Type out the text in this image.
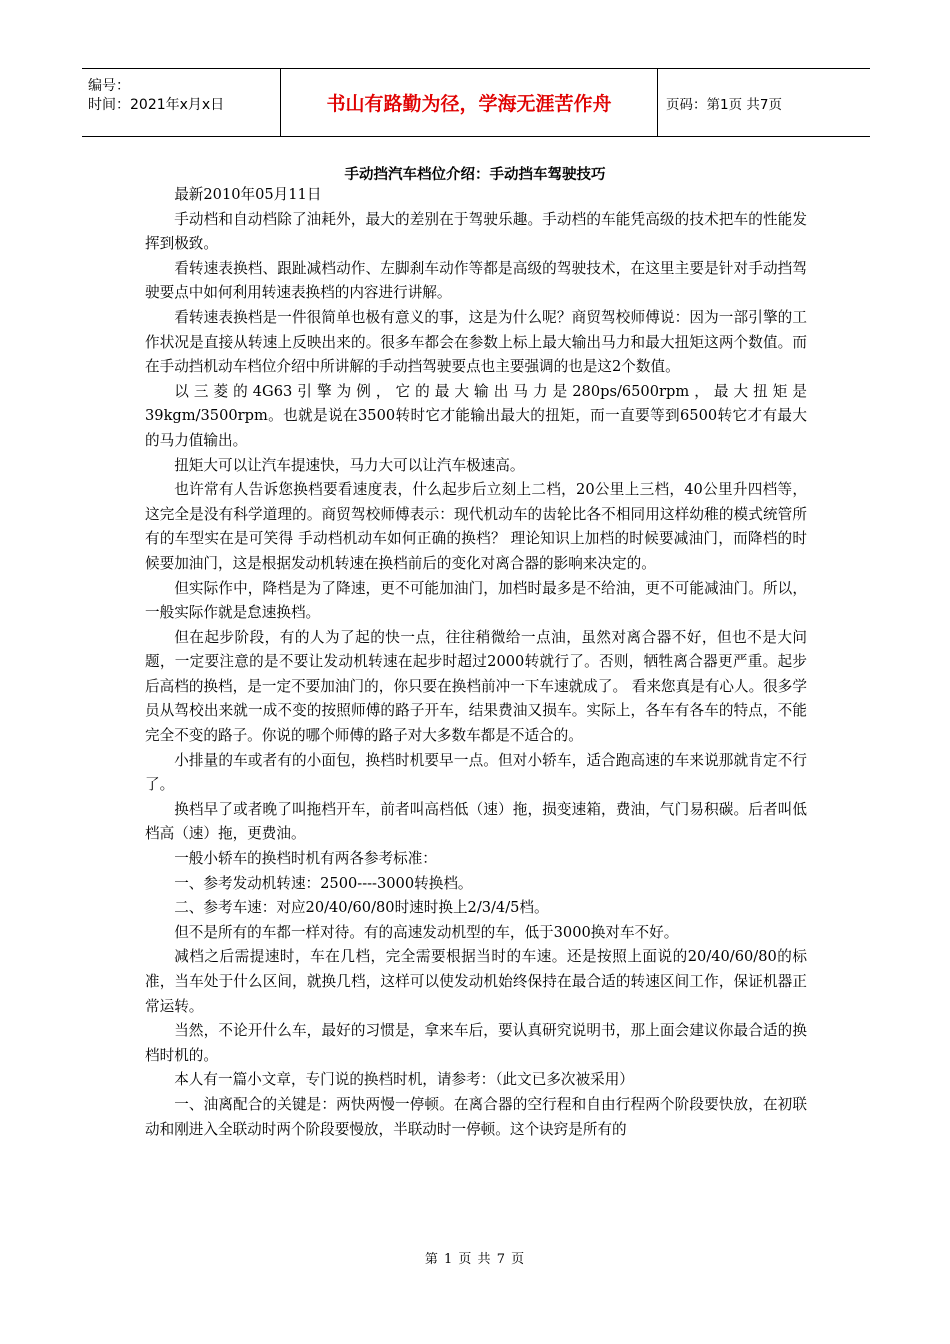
编号：
时间：2021年x月x日	书山有路勤为径，学海无涯苦作舟	页码：第1页 共7页
手动挡汽车档位介绍：手动挡车驾驶技巧

最新2010年05月11日

手动档和自动档除了油耗外，最大的差别在于驾驶乐趣。手动档的车能凭高级的技术把车的性能发挥到极致。

看转速表换档、跟趾减档动作、左脚刹车动作等都是高级的驾驶技术，在这里主要是针对手动挡驾驶要点中如何利用转速表换档的内容进行讲解。

看转速表换档是一件很简单也极有意义的事，这是为什么呢？商贸驾校师傅说：因为一部引擎的工作状况是直接从转速上反映出来的。很多车都会在参数上标上最大输出马力和最大扭矩这两个数值。而在手动挡机动车档位介绍中所讲解的手动挡驾驶要点也主要强调的也是这2个数值。

以三菱的4G63引擎为例，它的最大输出马力是280ps/6500rpm，最大扭矩是39kgm/3500rpm。也就是说在3500转时它才能输出最大的扭矩，而一直要等到6500转它才有最大的马力值输出。

扭矩大可以让汽车提速快，马力大可以让汽车极速高。

也许常有人告诉您换档要看速度表，什么起步后立刻上二档，20公里上三档，40公里升四档等，这完全是没有科学道理的。商贸驾校师傅表示：现代机动车的齿轮比各不相同用这样幼稚的模式统管所有的车型实在是可笑得 手动档机动车如何正确的换档？ 理论知识上加档的时候要减油门，而降档的时候要加油门，这是根据发动机转速在换档前后的变化对离合器的影响来决定的。

但实际作中，降档是为了降速，更不可能加油门，加档时最多是不给油，更不可能减油门。所以，一般实际作就是怠速换档。

但在起步阶段，有的人为了起的快一点，往往稍微给一点油，虽然对离合器不好，但也不是大问题，一定要注意的是不要让发动机转速在起步时超过2000转就行了。否则，牺牲离合器更严重。起步后高档的换档，是一定不要加油门的，你只要在换档前冲一下车速就成了。 看来您真是有心人。很多学员从驾校出来就一成不变的按照师傅的路子开车，结果费油又损车。实际上，各车有各车的特点，不能完全不变的路子。你说的哪个师傅的路子对大多数车都是不适合的。

小排量的车或者有的小面包，换档时机要早一点。但对小轿车，适合跑高速的车来说那就肯定不行了。

换档早了或者晚了叫拖档开车，前者叫高档低（速）拖，损变速箱，费油，气门易积碳。后者叫低档高（速）拖，更费油。

一般小轿车的换档时机有两各参考标准：

一、参考发动机转速：2500----3000转换档。

二、参考车速：对应20/40/60/80时速时换上2/3/4/5档。

但不是所有的车都一样对待。有的高速发动机型的车，低于3000换对车不好。

减档之后需提速时，车在几档，完全需要根据当时的车速。还是按照上面说的20/40/60/80的标准，当车处于什么区间，就换几档，这样可以使发动机始终保持在最合适的转速区间工作，保证机器正常运转。

当然，不论开什么车，最好的习惯是，拿来车后，要认真研究说明书，那上面会建议你最合适的换档时机的。

本人有一篇小文章，专门说的换档时机，请参考：（此文已多次被采用）

一、油离配合的关键是：两快两慢一停顿。在离合器的空行程和自由行程两个阶段要快放，在初联动和刚进入全联动时两个阶段要慢放，半联动时一停顿。这个诀窍是所有的

第 1 页 共 7 页
